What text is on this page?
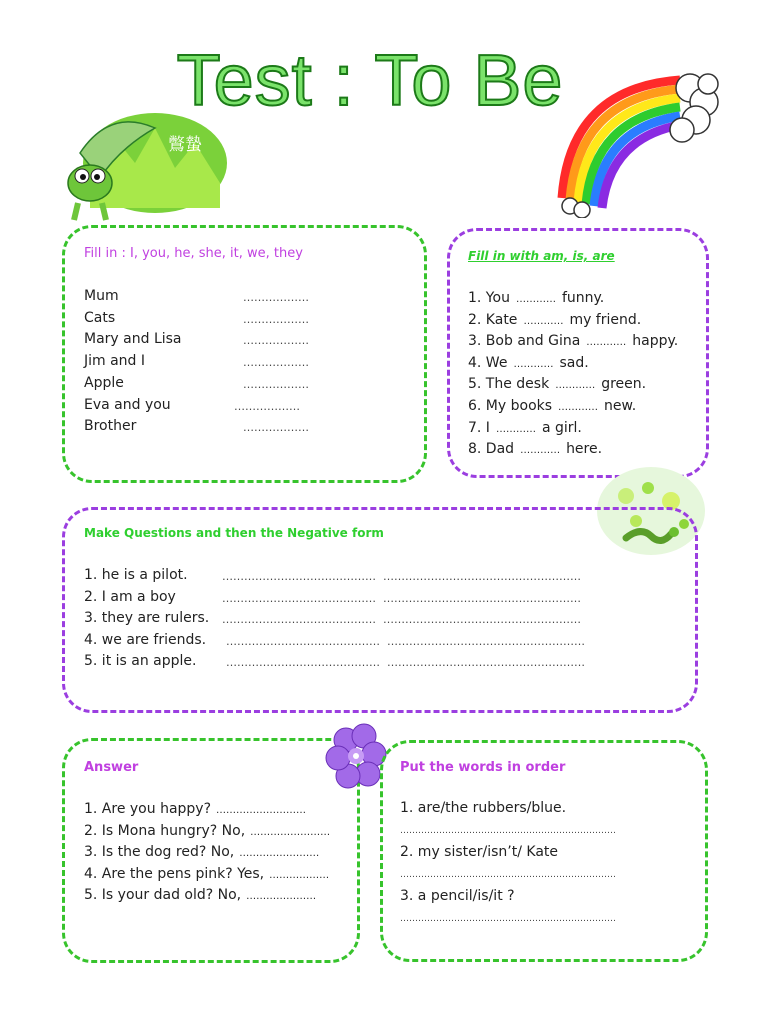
Test : To Be
鷩蟄
Fill in : I, you, he, she, it, we, they
Mum	………………
Cats	………………
Mary and Lisa	………………
Jim and I	………………
Apple	………………
Eva and you	………………
Brother	………………
Fill in with am, is, are
1. You ………… funny.
2. Kate ………… my friend.
3. Bob and Gina ………… happy.
4. We ………… sad.
5. The desk ………… green.
6. My books ………… new.
7. I ………… a girl.
8. Dad ………… here.
Make Questions and then the Negative form
1. he is a pilot.	…………………………………… ………………………………………………
2. I am a boy	…………………………………… ………………………………………………
3. they are rulers. …………………………………… ………………………………………………
4. we are friends. …………………………………… ………………………………………………
5. it is an apple.	…………………………………… ………………………………………………
Answer
1. Are you happy? ………………………
2. Is Mona hungry? No, ……………………
3. Is the dog red? No, ……………………
4. Are the pens pink? Yes, ………………
5. Is your dad old? No, …………………
Put the words in order
1. are/the rubbers/blue.
………………………………………………………………
2. my sister/isn’t/ Kate
………………………………………………………………
3. a pencil/is/it ?
………………………………………………………………
